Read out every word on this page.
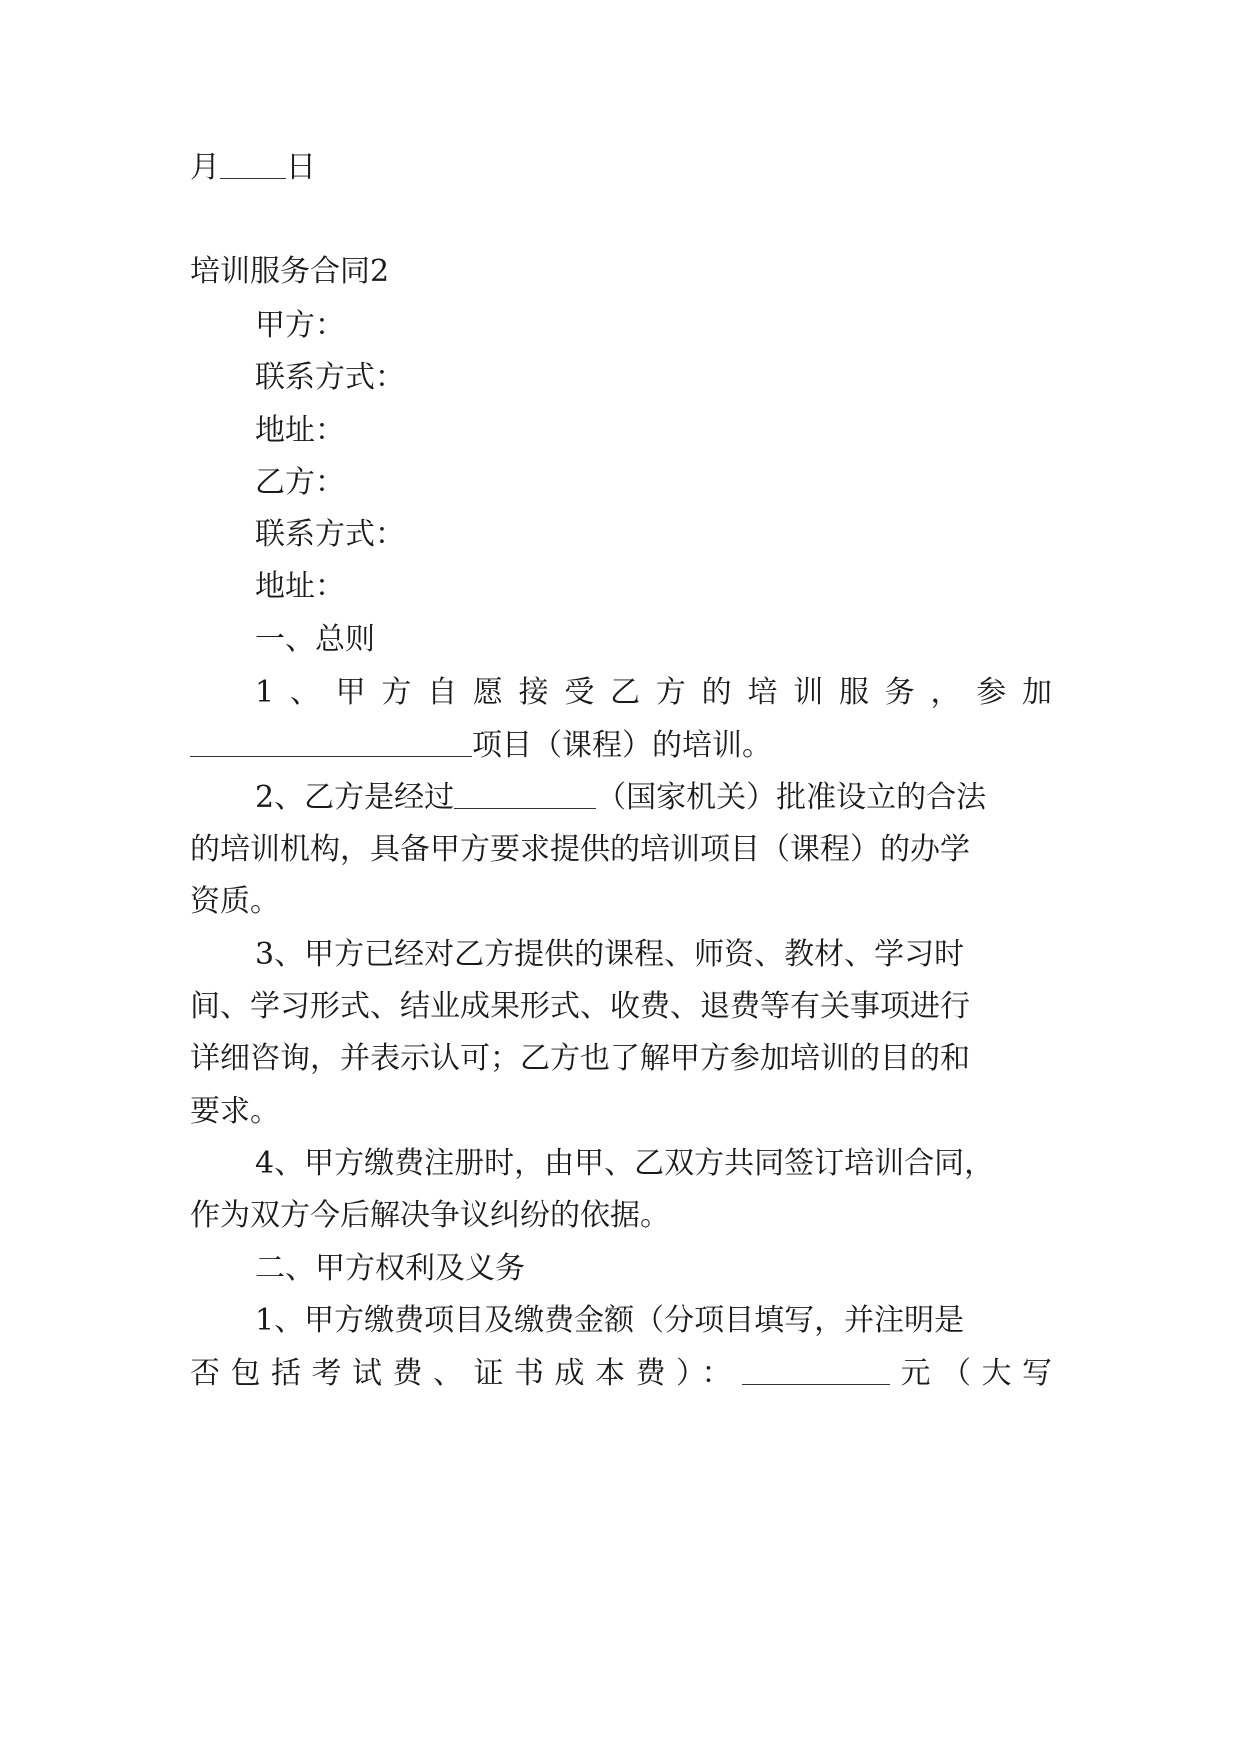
月 日
培训服务合同2
甲方：
联系方式：
地址：
乙方：
联系方式：
地址：
一、总则
1、甲方自愿接受乙方的培训服务，参加
项目（课程）的培训。
2、乙方是经过	（国家机关）批准设立的合法
的培训机构，具备甲方要求提供的培训项目（课程）的办学
资质。
3、甲方已经对乙方提供的课程、师资、教材、学习时
间、学习形式、结业成果形式、收费、退费等有关事项进行
详细咨询，并表示认可；乙方也了解甲方参加培训的目的和
要求。
4、甲方缴费注册时，由甲、乙双方共同签订培训合同，
作为双方今后解决争议纠纷的依据。
二、甲方权利及义务
1、甲方缴费项目及缴费金额（分项目填写，并注明是
否包括考试费、证书成本费）：	元（大写
